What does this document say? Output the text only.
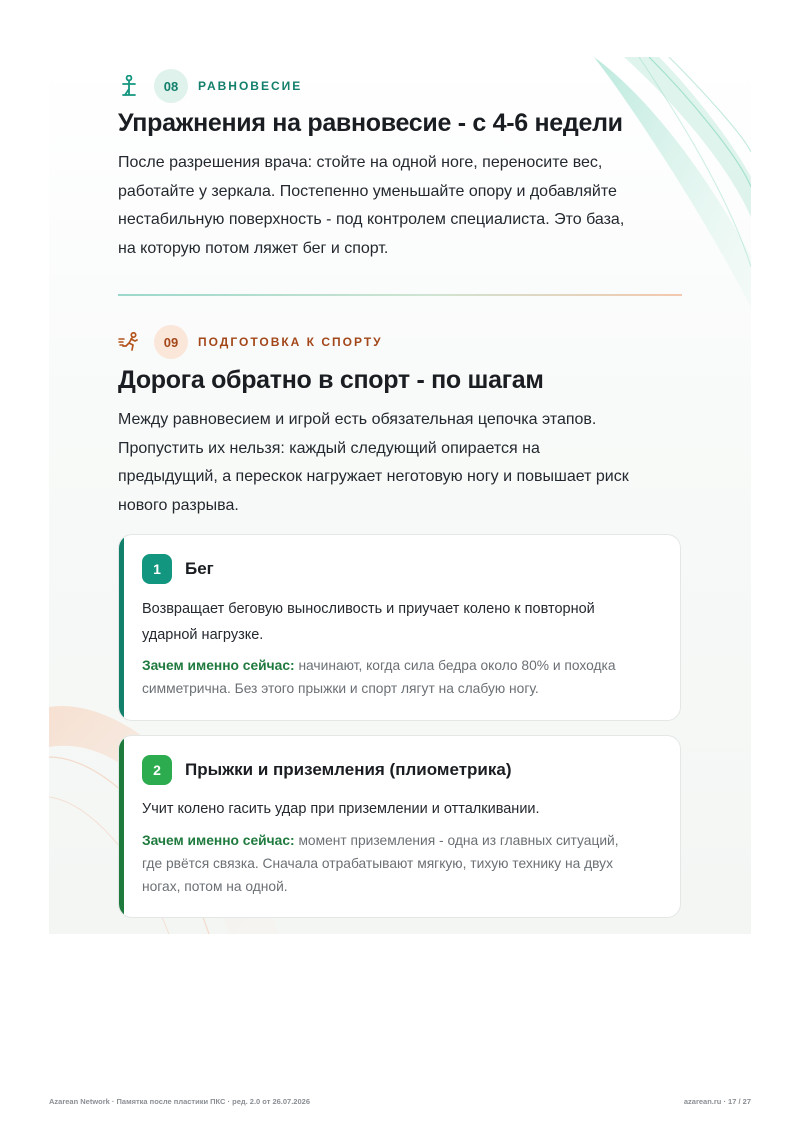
08	РАВНОВЕСИЕ
Упражнения на равновесие - с 4-6 недели
После разрешения врача: стойте на одной ноге, переносите вес,
работайте у зеркала. Постепенно уменьшайте опору и добавляйте
нестабильную поверхность - под контролем специалиста. Это база,
на которую потом ляжет бег и спорт.
09	ПОДГОТОВКА К СПОРТУ
Дорога обратно в спорт - по шагам
Между равновесием и игрой есть обязательная цепочка этапов.
Пропустить их нельзя: каждый следующий опирается на
предыдущий, а перескок нагружает неготовую ногу и повышает риск
нового разрыва.
1	Бег
Возвращает беговую выносливость и приучает колено к повторной
ударной нагрузке.
Зачем именно сейчас: начинают, когда сила бедра около 80% и походка
симметрична. Без этого прыжки и спорт лягут на слабую ногу.
2	Прыжки и приземления (плиометрика)
Учит колено гасить удар при приземлении и отталкивании.
Зачем именно сейчас: момент приземления - одна из главных ситуаций,
где рвётся связка. Сначала отрабатывают мягкую, тихую технику на двух
ногах, потом на одной.
Azarean Network · Памятка после пластики ПКС · ред. 2.0 от 26.07.2026	azarean.ru · 17 / 27
